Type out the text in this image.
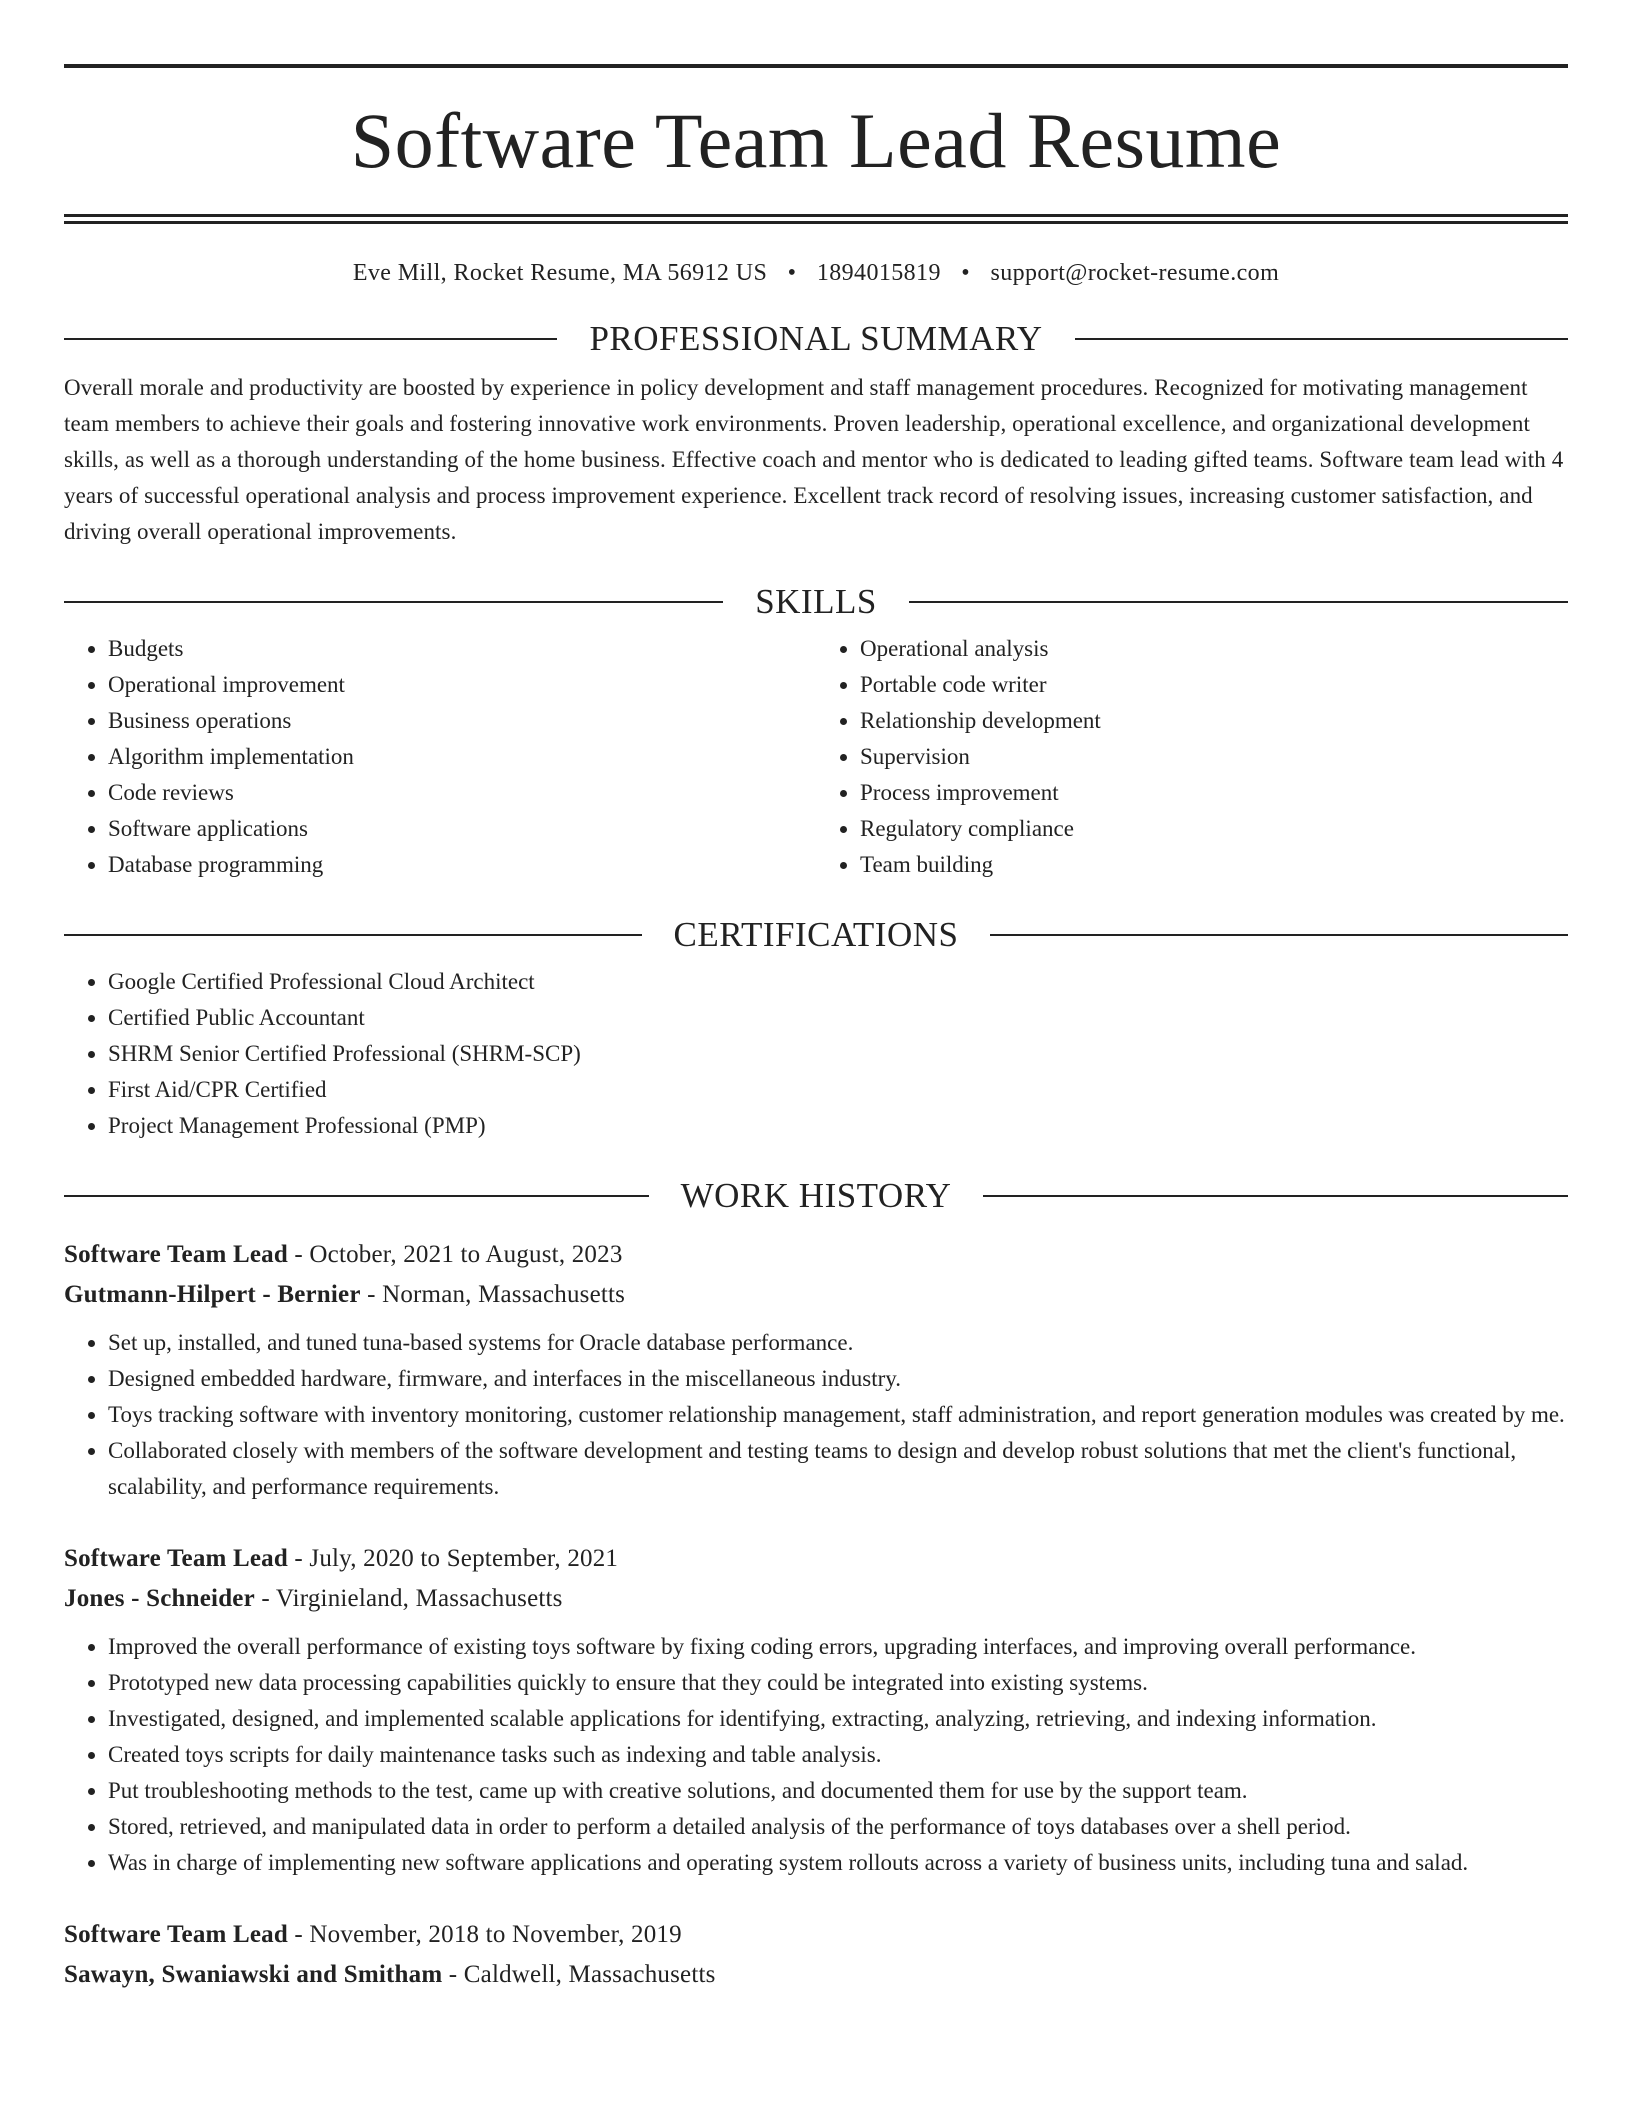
Software Team Lead Resume
Eve Mill, Rocket Resume, MA 56912 US • 1894015819 • support@rocket-resume.com
PROFESSIONAL SUMMARY

Overall morale and productivity are boosted by experience in policy development and staff management procedures. Recognized for motivating management team members to achieve their goals and fostering innovative work environments. Proven leadership, operational excellence, and organizational development skills, as well as a thorough understanding of the home business. Effective coach and mentor who is dedicated to leading gifted teams. Software team lead with 4 years of successful operational analysis and process improvement experience. Excellent track record of resolving issues, increasing customer satisfaction, and driving overall operational improvements.

SKILLS
• Budgets
• Operational improvement
• Business operations
• Algorithm implementation
• Code reviews
• Software applications
• Database programming
• Operational analysis
• Portable code writer
• Relationship development
• Supervision
• Process improvement
• Regulatory compliance
• Team building
CERTIFICATIONS
• Google Certified Professional Cloud Architect
• Certified Public Accountant
• SHRM Senior Certified Professional (SHRM-SCP)
• First Aid/CPR Certified
• Project Management Professional (PMP)
WORK HISTORY
Software Team Lead - October, 2021 to August, 2023
Gutmann-Hilpert - Bernier - Norman, Massachusetts
• Set up, installed, and tuned tuna-based systems for Oracle database performance.
• Designed embedded hardware, firmware, and interfaces in the miscellaneous industry.
• Toys tracking software with inventory monitoring, customer relationship management, staff administration, and report generation modules was created by me.
• Collaborated closely with members of the software development and testing teams to design and develop robust solutions that met the client's functional, scalability, and performance requirements.
Software Team Lead - July, 2020 to September, 2021
Jones - Schneider - Virginieland, Massachusetts
• Improved the overall performance of existing toys software by fixing coding errors, upgrading interfaces, and improving overall performance.
• Prototyped new data processing capabilities quickly to ensure that they could be integrated into existing systems.
• Investigated, designed, and implemented scalable applications for identifying, extracting, analyzing, retrieving, and indexing information.
• Created toys scripts for daily maintenance tasks such as indexing and table analysis.
• Put troubleshooting methods to the test, came up with creative solutions, and documented them for use by the support team.
• Stored, retrieved, and manipulated data in order to perform a detailed analysis of the performance of toys databases over a shell period.
• Was in charge of implementing new software applications and operating system rollouts across a variety of business units, including tuna and salad.
Software Team Lead - November, 2018 to November, 2019
Sawayn, Swaniawski and Smitham - Caldwell, Massachusetts
